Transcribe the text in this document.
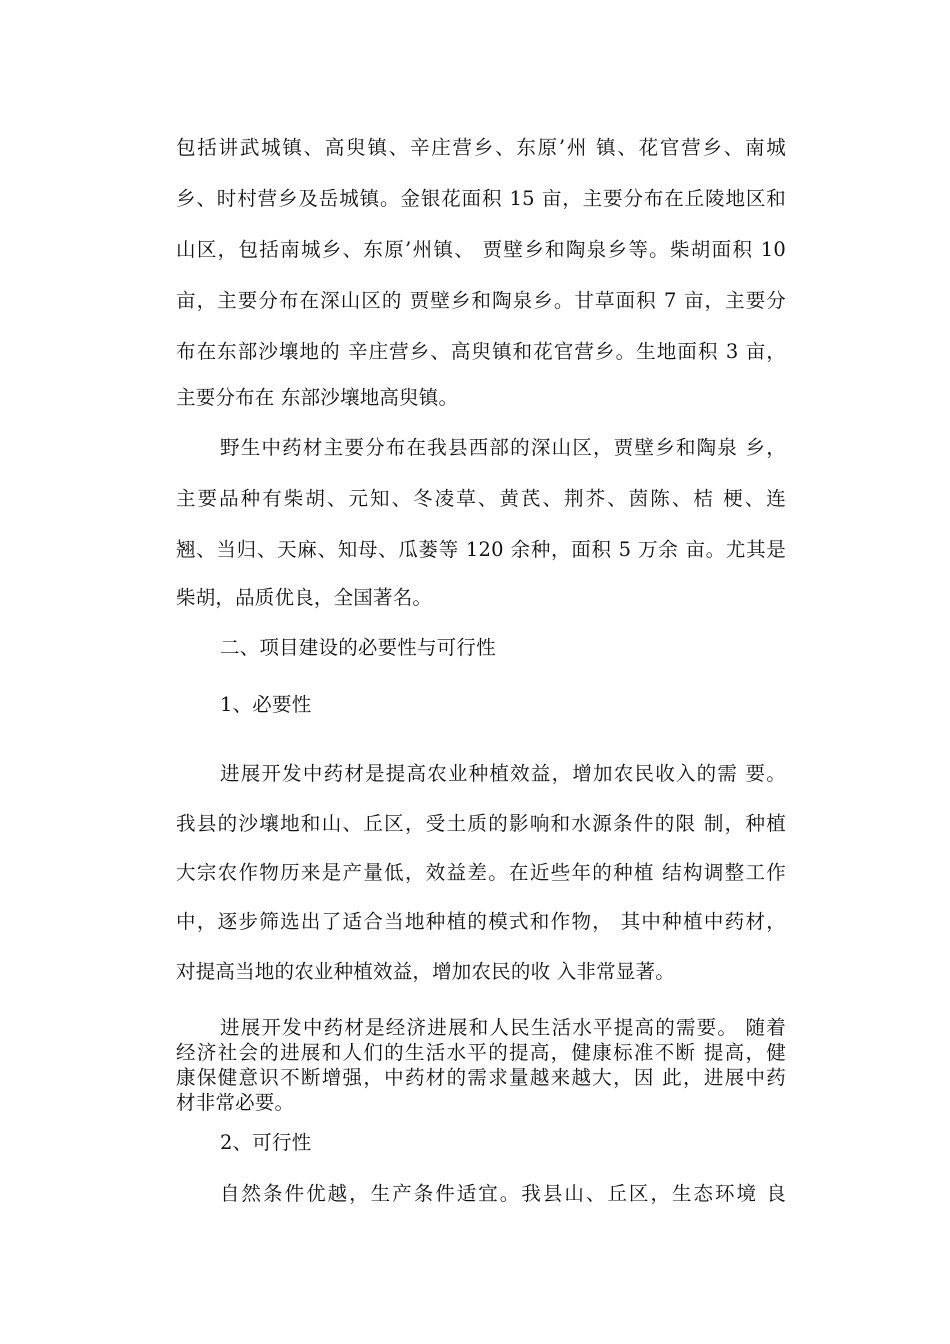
包括讲武城镇、高臾镇、辛庄营乡、东原’州 镇、花官营乡、南城
乡、时村营乡及岳城镇。金银花面积 15 亩，主要分布在丘陵地区和
山区，包括南城乡、东原’州镇、 贾壁乡和陶泉乡等。柴胡面积 10
亩，主要分布在深山区的 贾壁乡和陶泉乡。甘草面积 7 亩，主要分
布在东部沙壤地的 辛庄营乡、高臾镇和花官营乡。生地面积 3 亩，
主要分布在 东部沙壤地高臾镇。
野生中药材主要分布在我县西部的深山区，贾壁乡和陶泉 乡，
主要品种有柴胡、元知、冬凌草、黄芪、荆芥、茵陈、桔 梗、连
翘、当归、天麻、知母、瓜蒌等 120 余种，面积 5 万余 亩。尤其是
柴胡，品质优良，全国著名。
二、项目建设的必要性与可行性
1、必要性
进展开发中药材是提高农业种植效益，增加农民收入的需 要。
我县的沙壤地和山、丘区，受土质的影响和水源条件的限 制，种植
大宗农作物历来是产量低，效益差。在近些年的种植 结构调整工作
中，逐步筛选出了适合当地种植的模式和作物， 其中种植中药材，
对提高当地的农业种植效益，增加农民的收 入非常显著。
进展开发中药材是经济进展和人民生活水平提高的需要。 随着
经济社会的进展和人们的生活水平的提高，健康标准不断 提高，健
康保健意识不断增强，中药材的需求量越来越大，因 此，进展中药
材非常必要。
2、可行性
自然条件优越，生产条件适宜。我县山、丘区，生态环境 良
